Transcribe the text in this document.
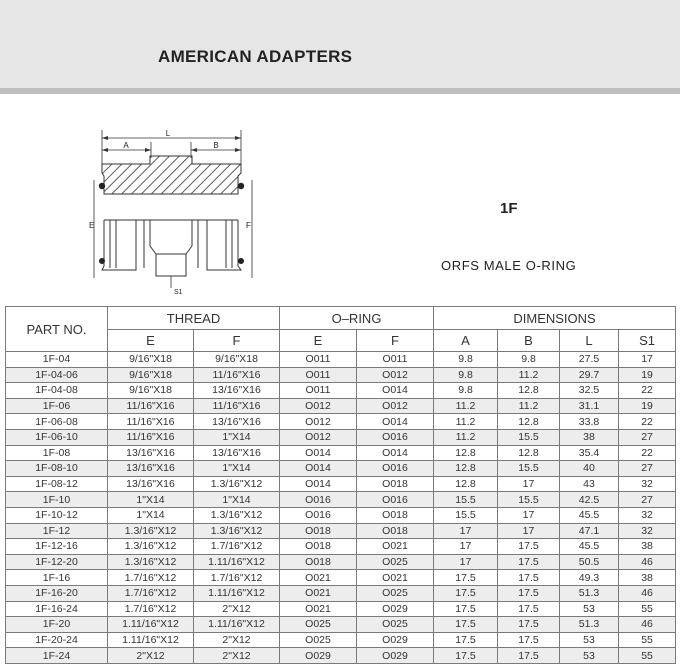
AMERICAN ADAPTERS
L
A	B
E	F
S1
1F
ORFS MALE O-RING
PART NO.	THREAD		O–RING		DIMENSIONS			
	E	F	E	F	A	B	L	S1
1F-04	9/16"X18	9/16"X18	O011	O011	9.8	9.8	27.5	17
1F-04-06	9/16"X18	11/16"X16	O011	O012	9.8	11.2	29.7	19
1F-04-08	9/16"X18	13/16"X16	O011	O014	9.8	12.8	32.5	22
1F-06	11/16"X16	11/16"X16	O012	O012	11.2	11.2	31.1	19
1F-06-08	11/16"X16	13/16"X16	O012	O014	11.2	12.8	33.8	22
1F-06-10	11/16"X16	1"X14	O012	O016	11.2	15.5	38	27
1F-08	13/16"X16	13/16"X16	O014	O014	12.8	12.8	35.4	22
1F-08-10	13/16"X16	1"X14	O014	O016	12.8	15.5	40	27
1F-08-12	13/16"X16	1.3/16"X12	O014	O018	12.8	17	43	32
1F-10	1"X14	1"X14	O016	O016	15.5	15.5	42.5	27
1F-10-12	1"X14	1.3/16"X12	O016	O018	15.5	17	45.5	32
1F-12	1.3/16"X12	1.3/16"X12	O018	O018	17	17	47.1	32
1F-12-16	1.3/16"X12	1.7/16"X12	O018	O021	17	17.5	45.5	38
1F-12-20	1.3/16"X12	1.11/16"X12	O018	O025	17	17.5	50.5	46
1F-16	1.7/16"X12	1.7/16"X12	O021	O021	17.5	17.5	49.3	38
1F-16-20	1.7/16"X12	1.11/16"X12	O021	O025	17.5	17.5	51.3	46
1F-16-24	1.7/16"X12	2"X12	O021	O029	17.5	17.5	53	55
1F-20	1.11/16"X12	1.11/16"X12	O025	O025	17.5	17.5	51.3	46
1F-20-24	1.11/16"X12	2"X12	O025	O029	17.5	17.5	53	55
1F-24	2"X12	2"X12	O029	O029	17.5	17.5	53	55
